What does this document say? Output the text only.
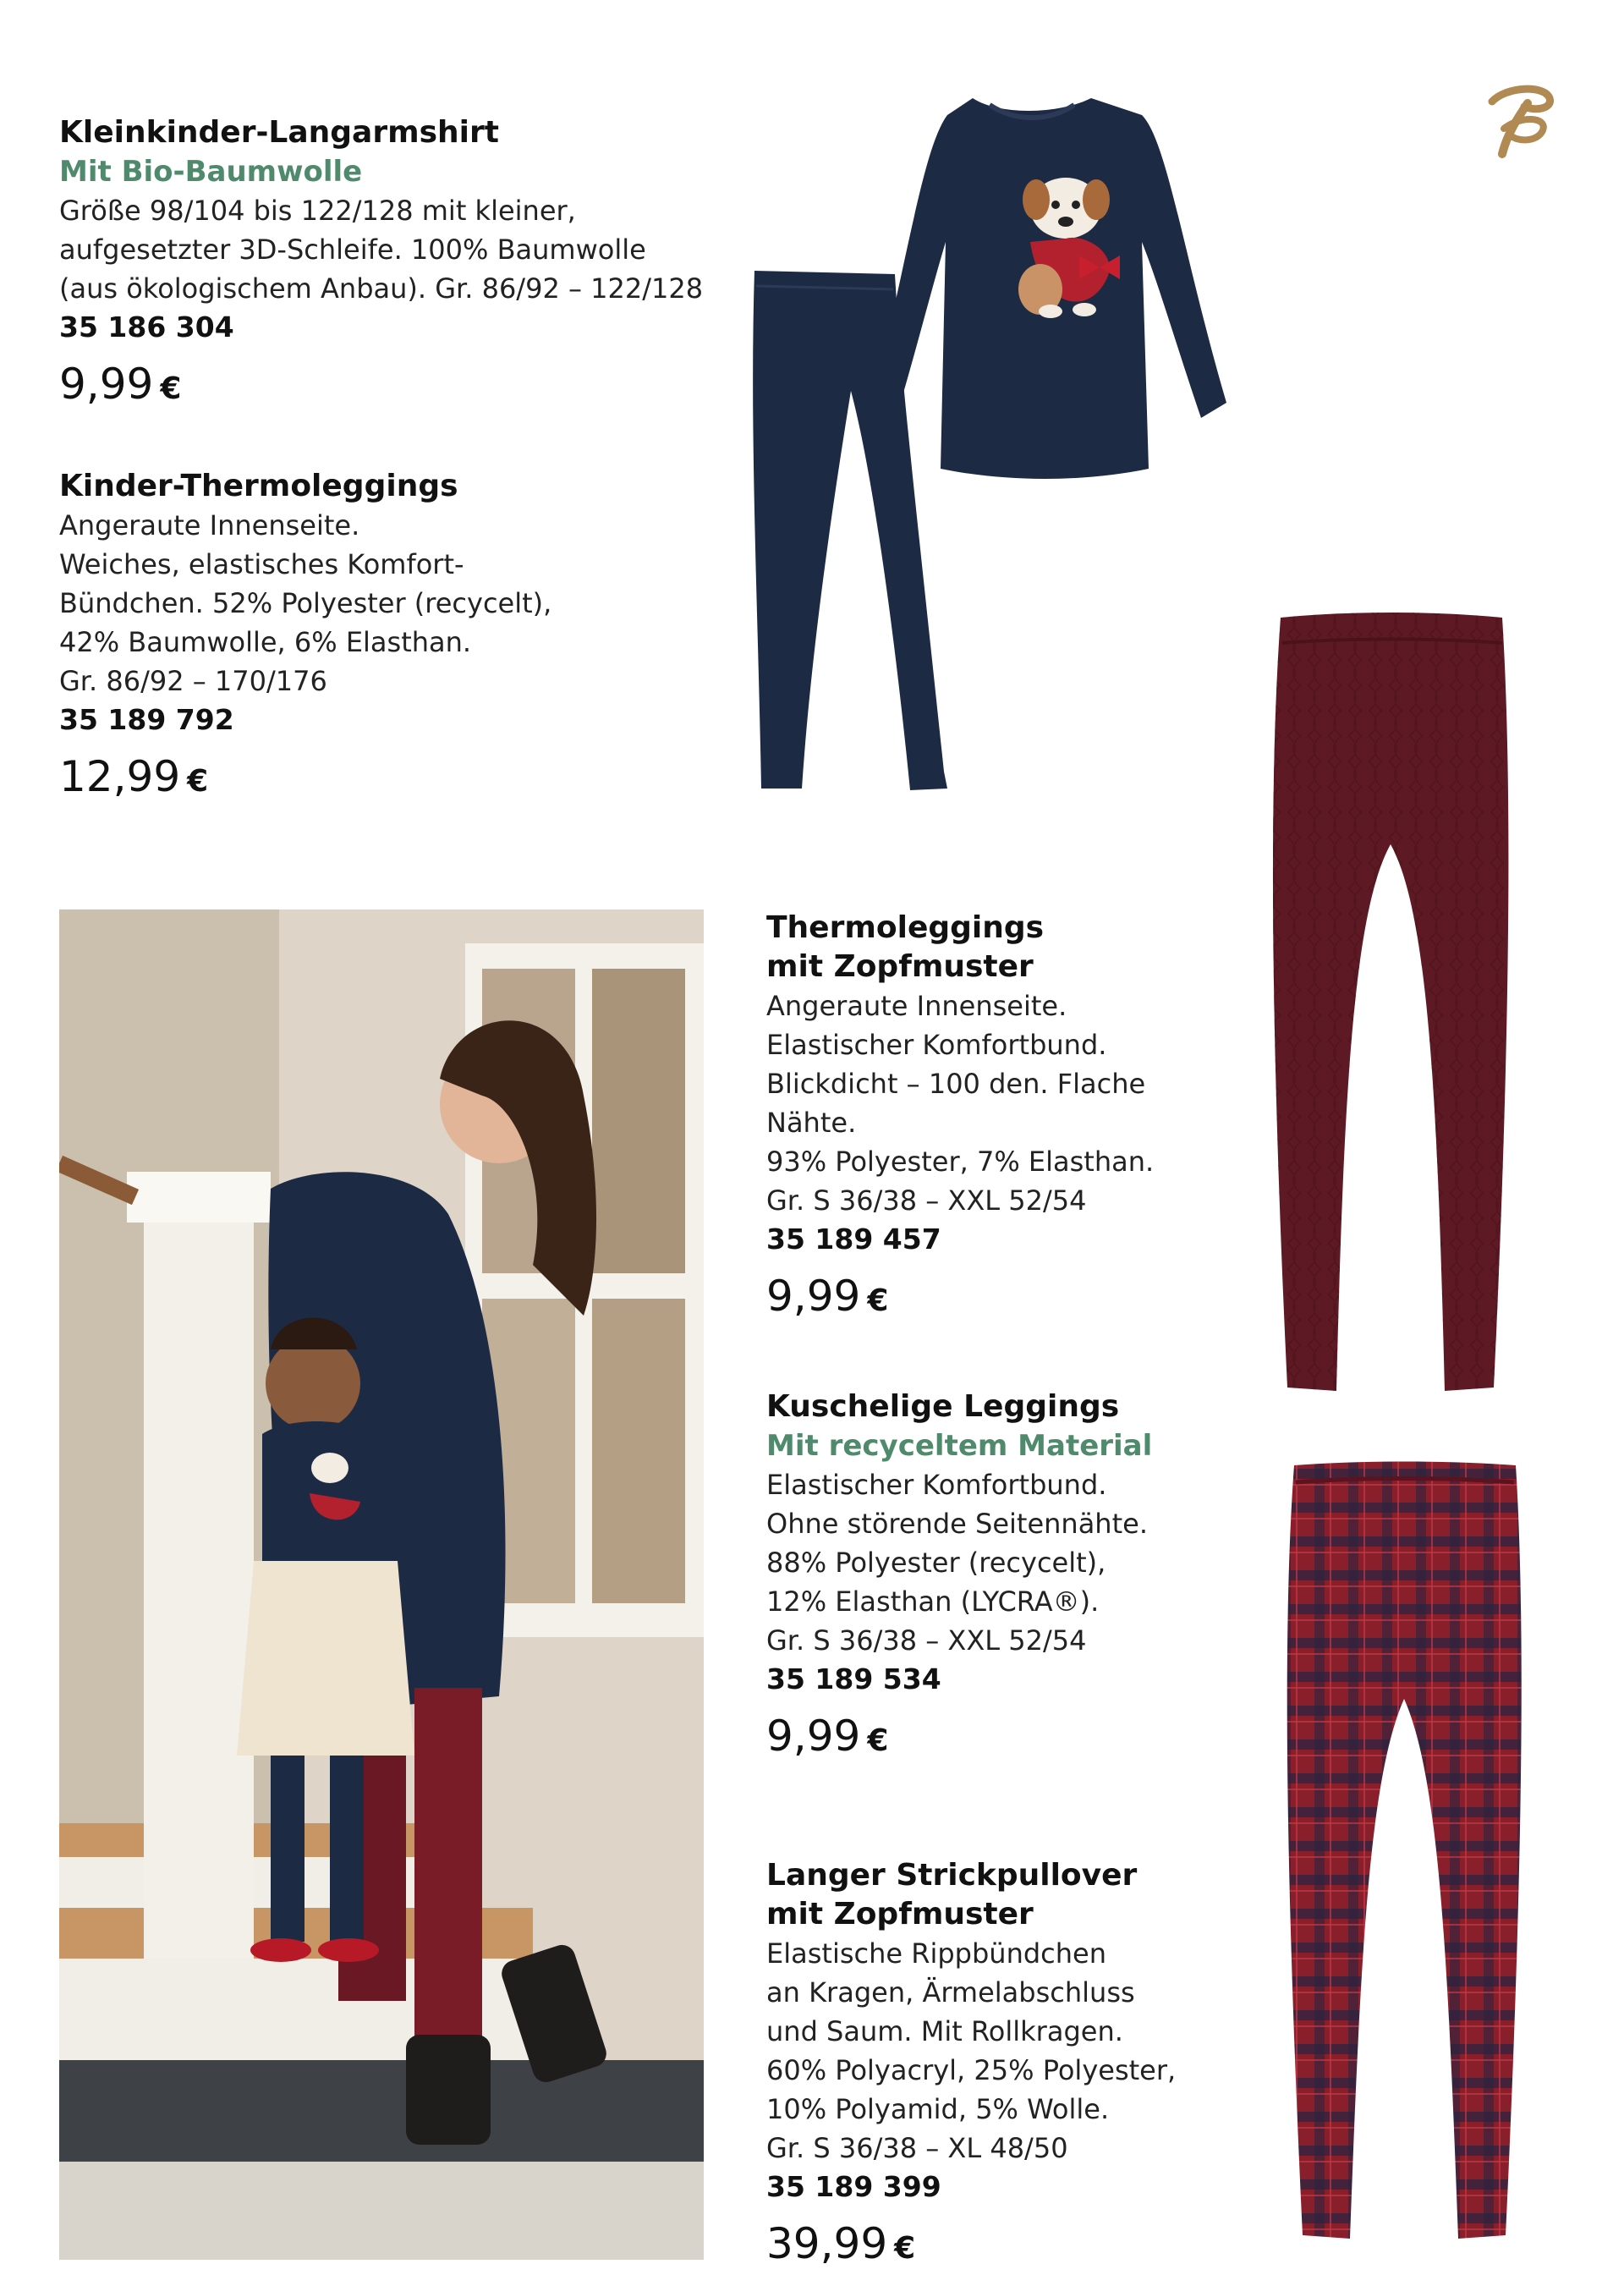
Kleinkinder-Langarmshirt
Mit Bio-Baumwolle
Größe 98/104 bis 122/128 mit kleiner,
aufgesetzter 3D-Schleife. 100% Baumwolle
(aus ökologischem Anbau). Gr. 86/92 – 122/128
35 186 304
9,99 €
Kinder-Thermoleggings
Angeraute Innenseite.
Weiches, elastisches Komfort-
Bündchen. 52% Polyester (recycelt),
42% Baumwolle, 6% Elasthan.
Gr. 86/92 – 170/176
35 189 792
12,99 €
Thermoleggings
mit Zopfmuster
Angeraute Innenseite.
Elastischer Komfortbund.
Blickdicht – 100 den. Flache Nähte.
93% Polyester, 7% Elasthan.
Gr. S 36/38 – XXL 52/54
35 189 457
9,99 €
Kuschelige Leggings
Mit recyceltem Material
Elastischer Komfortbund.
Ohne störende Seitennähte.
88% Polyester (recycelt),
12% Elasthan (LYCRA®).
Gr. S 36/38 – XXL 52/54
35 189 534
9,99 €
Langer Strickpullover
mit Zopfmuster
Elastische Rippbündchen
an Kragen, Ärmelabschluss
und Saum. Mit Rollkragen.
60% Polyacryl, 25% Polyester,
10% Polyamid, 5% Wolle.
Gr. S 36/38 – XL 48/50
35 189 399
39,99 €
